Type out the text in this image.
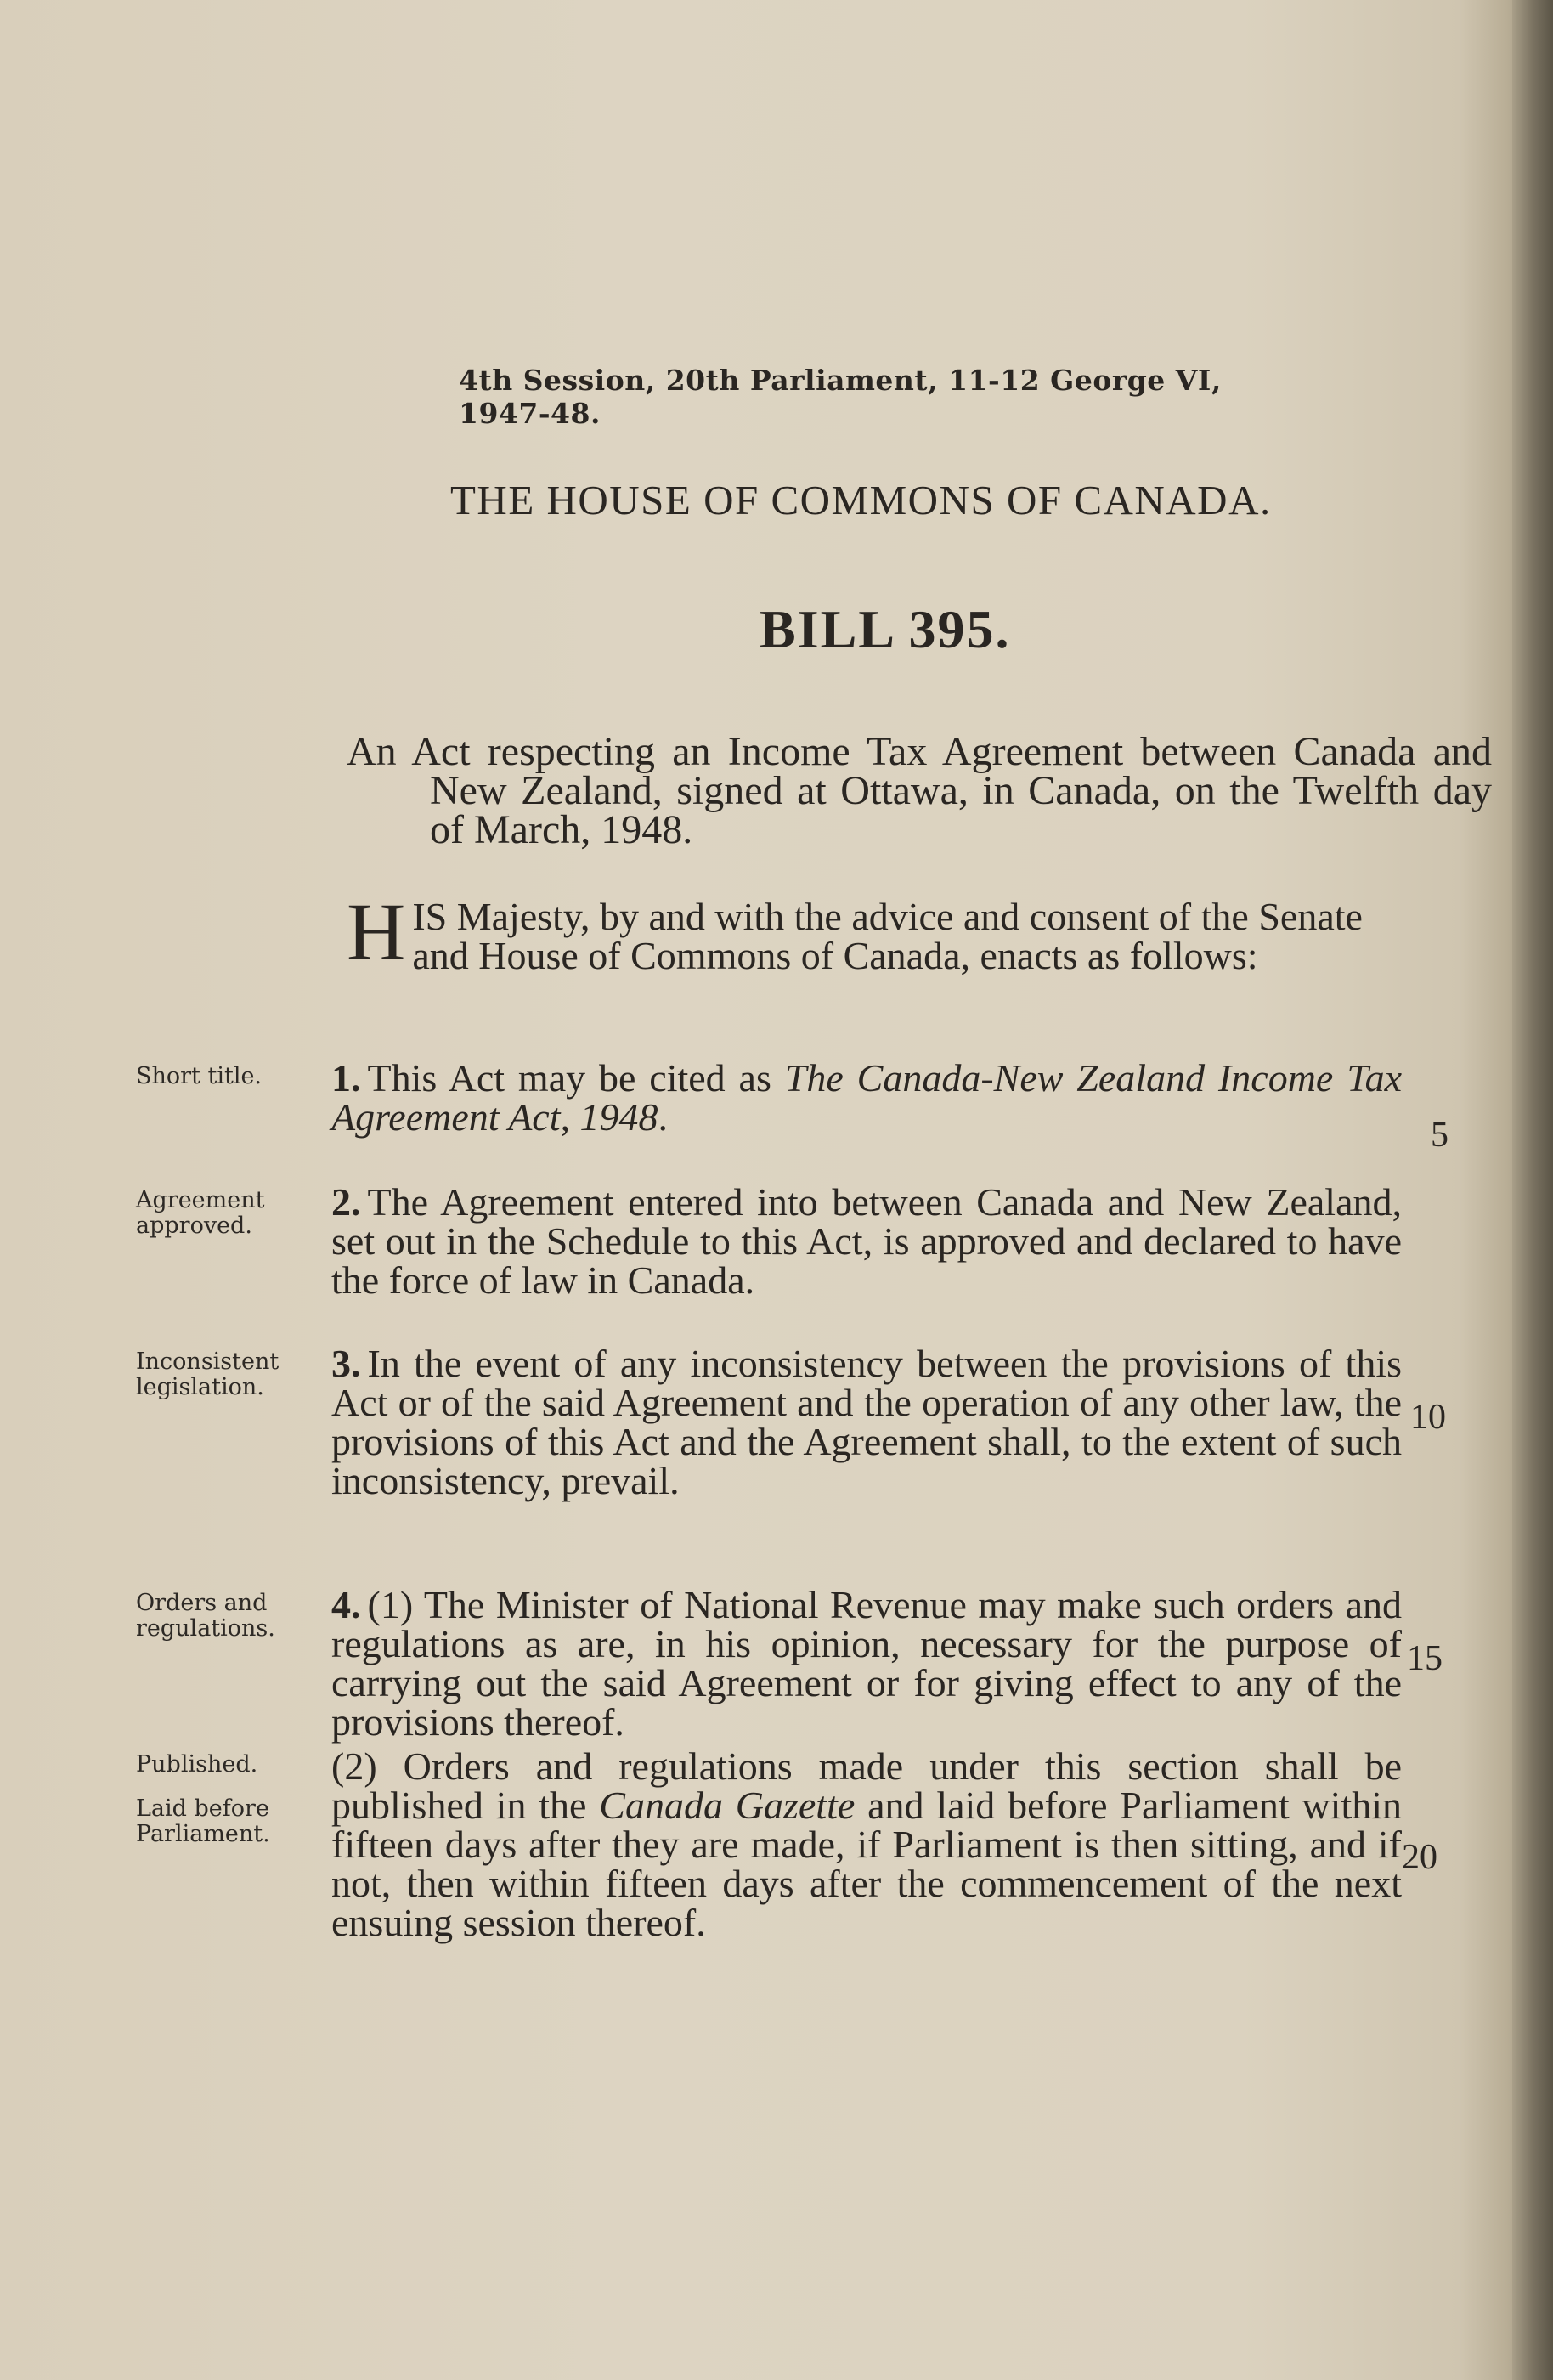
4th Session, 20th Parliament, 11-12 George VI, 1947-48.
THE HOUSE OF COMMONS OF CANADA.
BILL 395.
An Act respecting an Income Tax Agreement between Canada and New Zealand, signed at Ottawa, in Canada, on the Twelfth day of March, 1948.
HIS Majesty, by and with the advice and consent of the Senate and House of Commons of Canada, enacts as follows:
Short title.	1. This Act may be cited as The Canada-New Zealand Income Tax Agreement Act, 1948.
Agreement approved.
2. The Agreement entered into between Canada and New Zealand, set out in the Schedule to this Act, is approved and declared to have the force of law in Canada.
Inconsistent legislation.
3. In the event of any inconsistency between the provisions of this Act or of the said Agreement and the operation of any other law, the provisions of this Act and the Agreement shall, to the extent of such inconsistency, prevail.
Orders and regulations.
4. (1) The Minister of National Revenue may make such orders and regulations as are, in his opinion, necessary for the purpose of carrying out the said Agreement or for giving effect to any of the provisions thereof.
Published.
Laid before Parliament.
(2) Orders and regulations made under this section shall be published in the Canada Gazette and laid before Parliament within fifteen days after they are made, if Parliament is then sitting, and if not, then within fifteen days after the commencement of the next ensuing session thereof.
5
10
15
20
